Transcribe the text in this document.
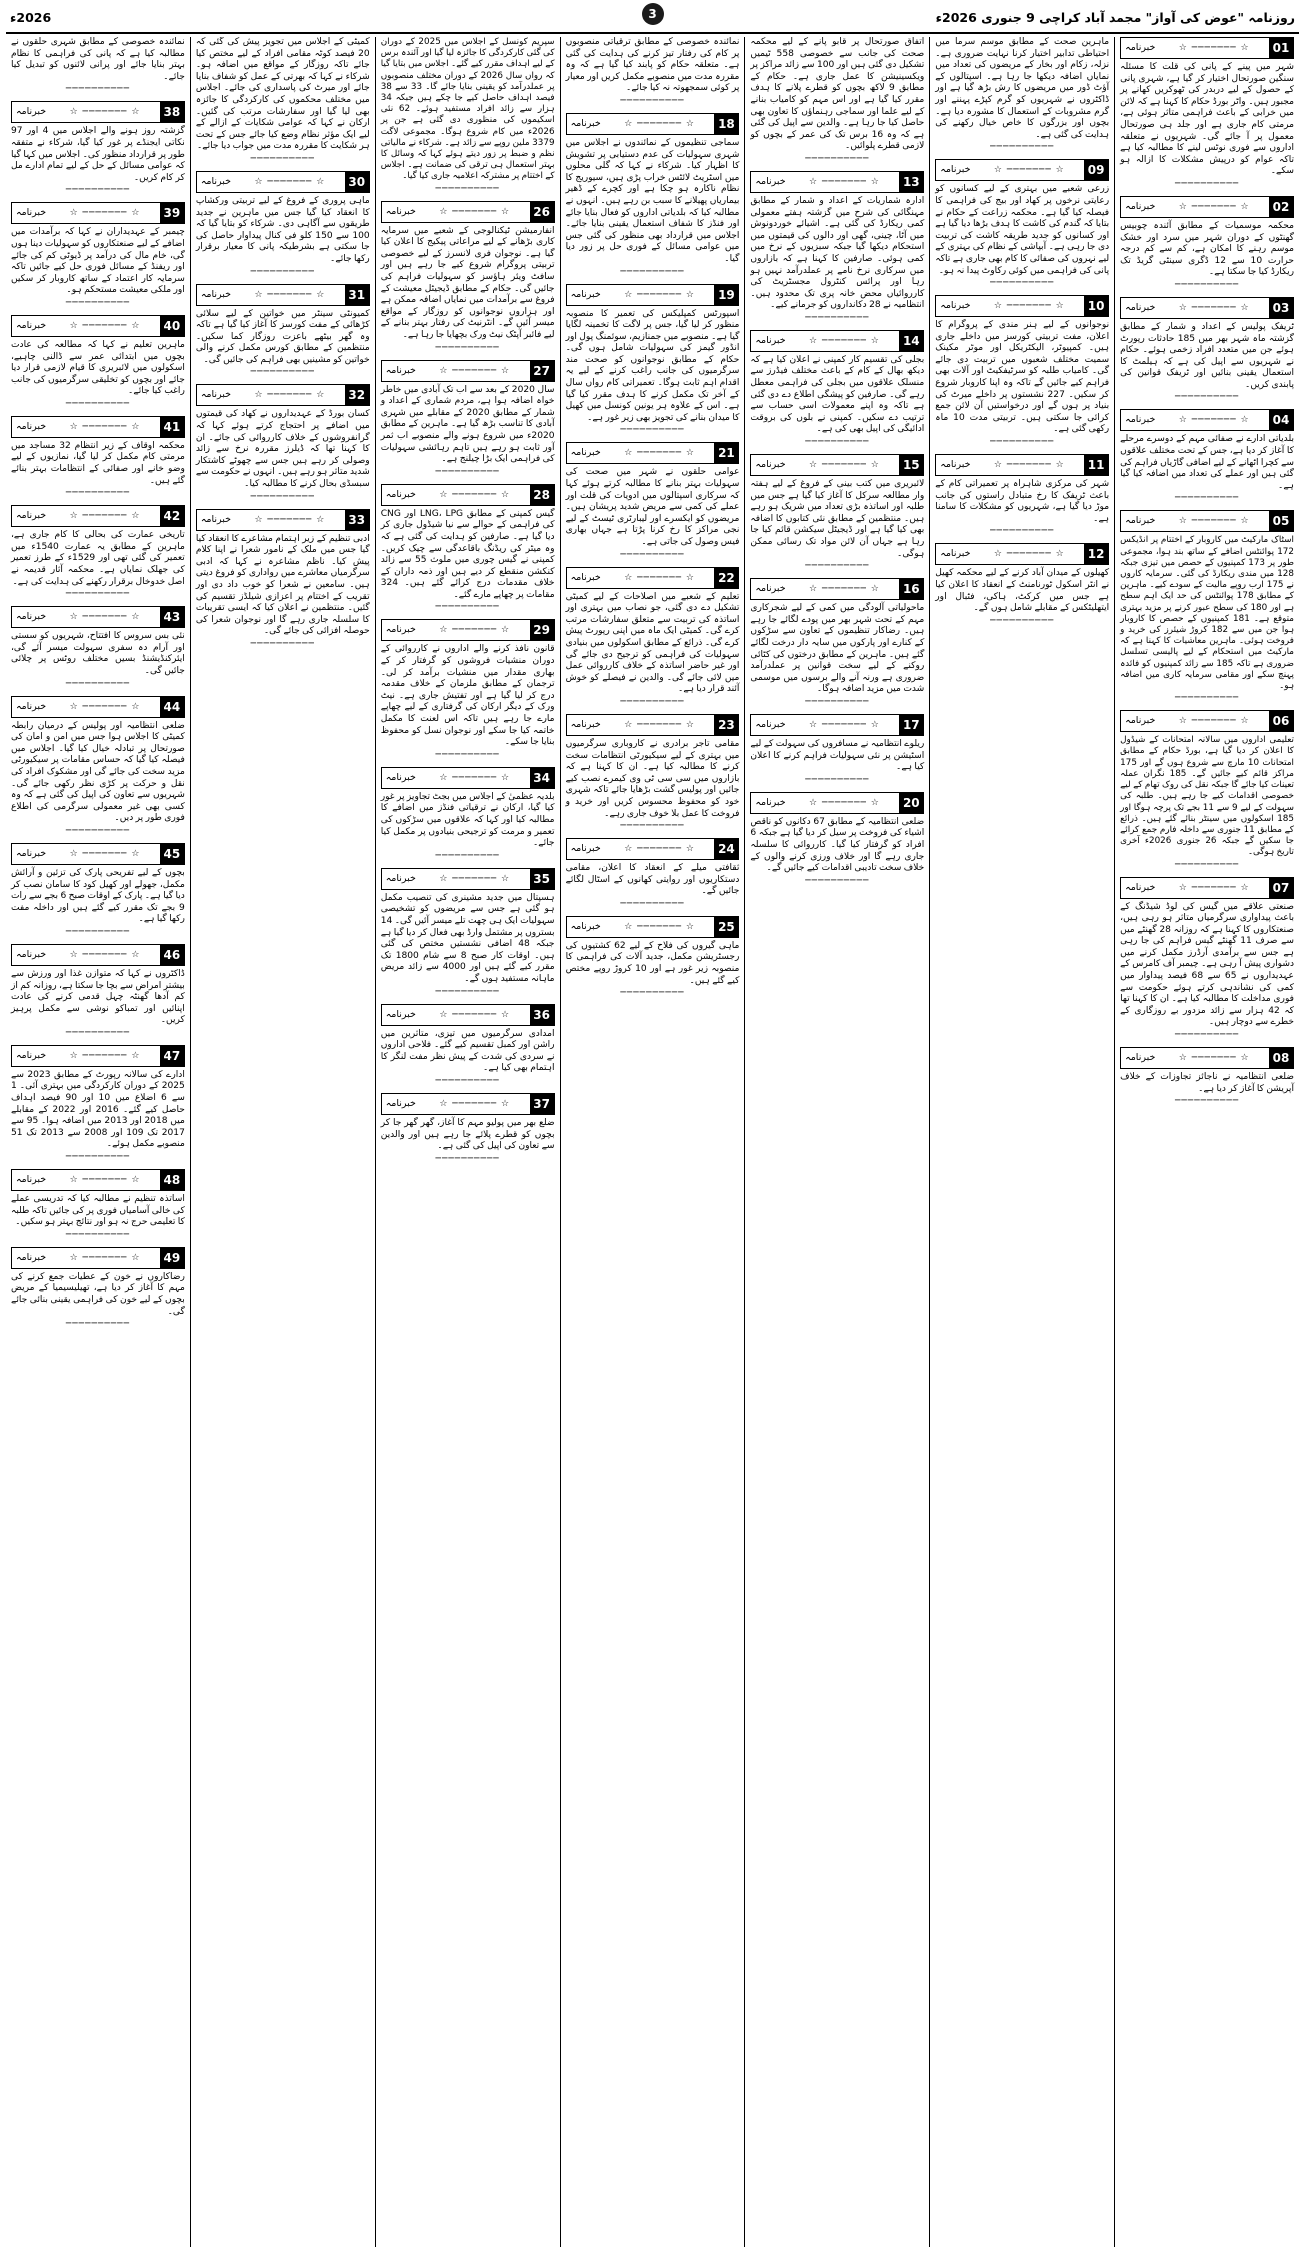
روزنامہ "عوض کی آواز" مجمد آباد کراچی 9 جنوری 2026ء
3
2026ء
01
☆ ─────── ☆
خبرنامہ
شہر میں پینے کے پانی کی قلت کا مسئلہ سنگین صورتحال اختیار کر گیا ہے، شہری پانی کے حصول کے لیے دربدر کی ٹھوکریں کھانے پر مجبور ہیں۔ واٹر بورڈ حکام کا کہنا ہے کہ لائن میں خرابی کے باعث فراہمی متاثر ہوئی ہے، مرمتی کام جاری ہے اور جلد ہی صورتحال معمول پر آ جائے گی۔ شہریوں نے متعلقہ اداروں سے فوری نوٹس لینے کا مطالبہ کیا ہے تاکہ عوام کو درپیش مشکلات کا ازالہ ہو سکے۔
──────────
02
☆ ─────── ☆
خبرنامہ
محکمہ موسمیات کے مطابق آئندہ چوبیس گھنٹوں کے دوران شہر میں سرد اور خشک موسم رہنے کا امکان ہے، کم سے کم درجہ حرارت 10 سے 12 ڈگری سینٹی گریڈ تک ریکارڈ کیا جا سکتا ہے۔
──────────
03
☆ ─────── ☆
خبرنامہ
ٹریفک پولیس کے اعداد و شمار کے مطابق گزشتہ ماہ شہر بھر میں 185 حادثات رپورٹ ہوئے جن میں متعدد افراد زخمی ہوئے۔ حکام نے شہریوں سے اپیل کی ہے کہ ہیلمٹ کا استعمال یقینی بنائیں اور ٹریفک قوانین کی پابندی کریں۔
──────────
04
☆ ─────── ☆
خبرنامہ
بلدیاتی ادارے نے صفائی مہم کے دوسرے مرحلے کا آغاز کر دیا ہے، جس کے تحت مختلف علاقوں سے کچرا اٹھانے کے لیے اضافی گاڑیاں فراہم کی گئی ہیں اور عملے کی تعداد میں اضافہ کیا گیا ہے۔
──────────
05
☆ ─────── ☆
خبرنامہ
اسٹاک مارکیٹ میں کاروبار کے اختتام پر انڈیکس 172 پوائنٹس اضافے کے ساتھ بند ہوا، مجموعی طور پر 173 کمپنیوں کے حصص میں تیزی جبکہ 128 میں مندی ریکارڈ کی گئی۔ سرمایہ کاروں نے 175 ارب روپے مالیت کے سودے کیے۔ ماہرین کے مطابق 178 پوائنٹس کی حد ایک اہم سطح ہے اور 180 کی سطح عبور کرنے پر مزید بہتری متوقع ہے۔ 181 کمپنیوں کے حصص کا کاروبار ہوا جن میں سے 182 کروڑ شیئرز کی خرید و فروخت ہوئی۔ ماہرین معاشیات کا کہنا ہے کہ مارکیٹ میں استحکام کے لیے پالیسی تسلسل ضروری ہے تاکہ 185 سے زائد کمپنیوں کو فائدہ پہنچ سکے اور مقامی سرمایہ کاری میں اضافہ ہو۔
──────────
06
☆ ─────── ☆
خبرنامہ
تعلیمی اداروں میں سالانہ امتحانات کے شیڈول کا اعلان کر دیا گیا ہے، بورڈ حکام کے مطابق امتحانات 10 مارچ سے شروع ہوں گے اور 175 مراکز قائم کیے جائیں گے۔ 185 نگران عملہ تعینات کیا جائے گا جبکہ نقل کی روک تھام کے لیے خصوصی اقدامات کیے جا رہے ہیں۔ طلبہ کی سہولت کے لیے 9 سے 11 بجے تک پرچہ ہوگا اور 185 اسکولوں میں سینٹر بنائے گئے ہیں۔ ذرائع کے مطابق 11 جنوری سے داخلہ فارم جمع کرائے جا سکیں گے جبکہ 26 جنوری 2026ء آخری تاریخ ہوگی۔
──────────
07
☆ ─────── ☆
خبرنامہ
صنعتی علاقے میں گیس کی لوڈ شیڈنگ کے باعث پیداواری سرگرمیاں متاثر ہو رہی ہیں، صنعتکاروں کا کہنا ہے کہ روزانہ 28 گھنٹے میں سے صرف 11 گھنٹے گیس فراہم کی جا رہی ہے جس سے برآمدی آرڈرز مکمل کرنے میں دشواری پیش آ رہی ہے۔ چیمبر آف کامرس کے عہدیداروں نے 65 سے 68 فیصد پیداوار میں کمی کی نشاندہی کرتے ہوئے حکومت سے فوری مداخلت کا مطالبہ کیا ہے۔ ان کا کہنا تھا کہ 42 ہزار سے زائد مزدور بے روزگاری کے خطرے سے دوچار ہیں۔
──────────
08
☆ ─────── ☆
خبرنامہ
ضلعی انتظامیہ نے ناجائز تجاوزات کے خلاف آپریشن کا آغاز کر دیا ہے۔
──────────
ماہرین صحت کے مطابق موسم سرما میں احتیاطی تدابیر اختیار کرنا نہایت ضروری ہے۔ نزلہ، زکام اور بخار کے مریضوں کی تعداد میں نمایاں اضافہ دیکھا جا رہا ہے۔ اسپتالوں کے آؤٹ ڈور میں مریضوں کا رش بڑھ گیا ہے اور ڈاکٹروں نے شہریوں کو گرم کپڑے پہننے اور گرم مشروبات کے استعمال کا مشورہ دیا ہے۔ بچوں اور بزرگوں کا خاص خیال رکھنے کی ہدایت کی گئی ہے۔
──────────
09
☆ ─────── ☆
خبرنامہ
زرعی شعبے میں بہتری کے لیے کسانوں کو رعایتی نرخوں پر کھاد اور بیج کی فراہمی کا فیصلہ کیا گیا ہے۔ محکمہ زراعت کے حکام نے بتایا کہ گندم کی کاشت کا ہدف بڑھا دیا گیا ہے اور کسانوں کو جدید طریقہ کاشت کی تربیت دی جا رہی ہے۔ آبپاشی کے نظام کی بہتری کے لیے نہروں کی صفائی کا کام بھی جاری ہے تاکہ پانی کی فراہمی میں کوئی رکاوٹ پیدا نہ ہو۔
──────────
10
☆ ─────── ☆
خبرنامہ
نوجوانوں کے لیے ہنر مندی کے پروگرام کا اعلان، مفت تربیتی کورسز میں داخلے جاری ہیں۔ کمپیوٹر، الیکٹریکل اور موٹر مکینک سمیت مختلف شعبوں میں تربیت دی جائے گی۔ کامیاب طلبہ کو سرٹیفکیٹ اور آلات بھی فراہم کیے جائیں گے تاکہ وہ اپنا کاروبار شروع کر سکیں۔ 227 نشستوں پر داخلے میرٹ کی بنیاد پر ہوں گے اور درخواستیں آن لائن جمع کرائی جا سکتی ہیں۔ تربیتی مدت 10 ماہ رکھی گئی ہے۔
──────────
11
☆ ─────── ☆
خبرنامہ
شہر کی مرکزی شاہراہ پر تعمیراتی کام کے باعث ٹریفک کا رخ متبادل راستوں کی جانب موڑ دیا گیا ہے، شہریوں کو مشکلات کا سامنا ہے۔
──────────
12
☆ ─────── ☆
خبرنامہ
کھیلوں کے میدان آباد کرنے کے لیے محکمہ کھیل نے انٹر اسکول ٹورنامنٹ کے انعقاد کا اعلان کیا ہے جس میں کرکٹ، ہاکی، فٹبال اور ایتھلیٹکس کے مقابلے شامل ہوں گے۔
──────────
اتفاق صورتحال پر قابو پانے کے لیے محکمہ صحت کی جانب سے خصوصی 558 ٹیمیں تشکیل دی گئی ہیں اور 100 سے زائد مراکز پر ویکسینیشن کا عمل جاری ہے۔ حکام کے مطابق 9 لاکھ بچوں کو قطرے پلانے کا ہدف مقرر کیا گیا ہے اور اس مہم کو کامیاب بنانے کے لیے علما اور سماجی رہنماؤں کا تعاون بھی حاصل کیا جا رہا ہے۔ والدین سے اپیل کی گئی ہے کہ وہ 16 برس تک کی عمر کے بچوں کو لازمی قطرے پلوائیں۔
──────────
13
☆ ─────── ☆
خبرنامہ
ادارہ شماریات کے اعداد و شمار کے مطابق مہنگائی کی شرح میں گزشتہ ہفتے معمولی کمی ریکارڈ کی گئی ہے۔ اشیائے خوردونوش میں آٹا، چینی، گھی اور دالوں کی قیمتوں میں استحکام دیکھا گیا جبکہ سبزیوں کے نرخ میں کمی ہوئی۔ صارفین کا کہنا ہے کہ بازاروں میں سرکاری نرخ نامے پر عملدرآمد نہیں ہو رہا اور پرائس کنٹرول مجسٹریٹ کی کارروائیاں محض خانہ پری تک محدود ہیں۔ انتظامیہ نے 28 دکانداروں کو جرمانے کیے۔
──────────
14
☆ ─────── ☆
خبرنامہ
بجلی کی تقسیم کار کمپنی نے اعلان کیا ہے کہ دیکھ بھال کے کام کے باعث مختلف فیڈرز سے منسلک علاقوں میں بجلی کی فراہمی معطل رہے گی۔ صارفین کو پیشگی اطلاع دے دی گئی ہے تاکہ وہ اپنے معمولات اسی حساب سے ترتیب دے سکیں۔ کمپنی نے بلوں کی بروقت ادائیگی کی اپیل بھی کی ہے۔
──────────
15
☆ ─────── ☆
خبرنامہ
لائبریری میں کتب بینی کے فروغ کے لیے ہفتہ وار مطالعہ سرکل کا آغاز کیا گیا ہے جس میں طلبہ اور اساتذہ بڑی تعداد میں شریک ہو رہے ہیں۔ منتظمین کے مطابق نئی کتابوں کا اضافہ بھی کیا گیا ہے اور ڈیجیٹل سیکشن قائم کیا جا رہا ہے جہاں آن لائن مواد تک رسائی ممکن ہوگی۔
──────────
16
☆ ─────── ☆
خبرنامہ
ماحولیاتی آلودگی میں کمی کے لیے شجرکاری مہم کے تحت شہر بھر میں پودے لگائے جا رہے ہیں۔ رضاکار تنظیموں کے تعاون سے سڑکوں کے کنارے اور پارکوں میں سایہ دار درخت لگائے گئے ہیں۔ ماہرین کے مطابق درختوں کی کٹائی روکنے کے لیے سخت قوانین پر عملدرآمد ضروری ہے ورنہ آنے والے برسوں میں موسمی شدت میں مزید اضافہ ہوگا۔
──────────
17
☆ ─────── ☆
خبرنامہ
ریلوے انتظامیہ نے مسافروں کی سہولت کے لیے اسٹیشن پر نئی سہولیات فراہم کرنے کا اعلان کیا ہے۔
──────────
20
☆ ─────── ☆
خبرنامہ
ضلعی انتظامیہ کے مطابق 67 دکانوں کو ناقص اشیاء کی فروخت پر سیل کر دیا گیا ہے جبکہ 6 افراد کو گرفتار کیا گیا۔ کارروائی کا سلسلہ جاری رہے گا اور خلاف ورزی کرنے والوں کے خلاف سخت تادیبی اقدامات کیے جائیں گے۔
──────────
نمائندہ خصوصی کے مطابق ترقیاتی منصوبوں پر کام کی رفتار تیز کرنے کی ہدایت کی گئی ہے۔ متعلقہ حکام کو پابند کیا گیا ہے کہ وہ مقررہ مدت میں منصوبے مکمل کریں اور معیار پر کوئی سمجھوتہ نہ کیا جائے۔
──────────
18
☆ ─────── ☆
خبرنامہ
سماجی تنظیموں کے نمائندوں نے اجلاس میں شہری سہولیات کی عدم دستیابی پر تشویش کا اظہار کیا۔ شرکاء نے کہا کہ گلی محلوں میں اسٹریٹ لائٹس خراب پڑی ہیں، سیوریج کا نظام ناکارہ ہو چکا ہے اور کچرے کے ڈھیر بیماریاں پھیلانے کا سبب بن رہے ہیں۔ انہوں نے مطالبہ کیا کہ بلدیاتی اداروں کو فعال بنایا جائے اور فنڈز کا شفاف استعمال یقینی بنایا جائے۔ اجلاس میں قرارداد بھی منظور کی گئی جس میں عوامی مسائل کے فوری حل پر زور دیا گیا۔
──────────
19
☆ ─────── ☆
خبرنامہ
اسپورٹس کمپلیکس کی تعمیر کا منصوبہ منظور کر لیا گیا، جس پر لاگت کا تخمینہ لگایا گیا ہے۔ منصوبے میں جمنازیم، سوئمنگ پول اور انڈور گیمز کی سہولیات شامل ہوں گی۔ حکام کے مطابق نوجوانوں کو صحت مند سرگرمیوں کی جانب راغب کرنے کے لیے یہ اقدام اہم ثابت ہوگا۔ تعمیراتی کام رواں سال کے آخر تک مکمل کرنے کا ہدف مقرر کیا گیا ہے۔ اس کے علاوہ ہر یونین کونسل میں کھیل کا میدان بنانے کی تجویز بھی زیر غور ہے۔
──────────
21
☆ ─────── ☆
خبرنامہ
عوامی حلقوں نے شہر میں صحت کی سہولیات بہتر بنانے کا مطالبہ کرتے ہوئے کہا کہ سرکاری اسپتالوں میں ادویات کی قلت اور عملے کی کمی سے مریض شدید پریشان ہیں۔ مریضوں کو ایکسرے اور لیبارٹری ٹیسٹ کے لیے نجی مراکز کا رخ کرنا پڑتا ہے جہاں بھاری فیس وصول کی جاتی ہے۔
──────────
22
☆ ─────── ☆
خبرنامہ
تعلیم کے شعبے میں اصلاحات کے لیے کمیٹی تشکیل دے دی گئی، جو نصاب میں بہتری اور اساتذہ کی تربیت سے متعلق سفارشات مرتب کرے گی۔ کمیٹی ایک ماہ میں اپنی رپورٹ پیش کرے گی۔ ذرائع کے مطابق اسکولوں میں بنیادی سہولیات کی فراہمی کو ترجیح دی جائے گی اور غیر حاضر اساتذہ کے خلاف کارروائی عمل میں لائی جائے گی۔ والدین نے فیصلے کو خوش آئند قرار دیا ہے۔
──────────
23
☆ ─────── ☆
خبرنامہ
مقامی تاجر برادری نے کاروباری سرگرمیوں میں بہتری کے لیے سیکیورٹی انتظامات سخت کرنے کا مطالبہ کیا ہے۔ ان کا کہنا ہے کہ بازاروں میں سی سی ٹی وی کیمرے نصب کیے جائیں اور پولیس گشت بڑھایا جائے تاکہ شہری خود کو محفوظ محسوس کریں اور خرید و فروخت کا عمل بلا خوف جاری رہے۔
──────────
24
☆ ─────── ☆
خبرنامہ
ثقافتی میلے کے انعقاد کا اعلان، مقامی دستکاریوں اور روایتی کھانوں کے اسٹال لگائے جائیں گے۔
──────────
25
☆ ─────── ☆
خبرنامہ
ماہی گیروں کی فلاح کے لیے 62 کشتیوں کی رجسٹریشن مکمل، جدید آلات کی فراہمی کا منصوبہ زیر غور ہے اور 10 کروڑ روپے مختص کیے گئے ہیں۔
──────────
سپریم کونسل کے اجلاس میں 2025 کے دوران کی گئی کارکردگی کا جائزہ لیا گیا اور آئندہ برس کے لیے اہداف مقرر کیے گئے۔ اجلاس میں بتایا گیا کہ رواں سال 2026 کے دوران مختلف منصوبوں پر عملدرآمد کو یقینی بنایا جائے گا۔ 33 سے 38 فیصد اہداف حاصل کیے جا چکے ہیں جبکہ 34 ہزار سے زائد افراد مستفید ہوئے۔ 62 نئی اسکیموں کی منظوری دی گئی ہے جن پر 2026ء میں کام شروع ہوگا۔ مجموعی لاگت 3379 ملین روپے سے زائد ہے۔ شرکاء نے مالیاتی نظم و ضبط پر زور دیتے ہوئے کہا کہ وسائل کا بہتر استعمال ہی ترقی کی ضمانت ہے۔ اجلاس کے اختتام پر مشترکہ اعلامیہ جاری کیا گیا۔
──────────
26
☆ ─────── ☆
خبرنامہ
انفارمیشن ٹیکنالوجی کے شعبے میں سرمایہ کاری بڑھانے کے لیے مراعاتی پیکیج کا اعلان کیا گیا ہے۔ نوجوان فری لانسرز کے لیے خصوصی تربیتی پروگرام شروع کیے جا رہے ہیں اور سافٹ ویئر ہاؤسز کو سہولیات فراہم کی جائیں گی۔ حکام کے مطابق ڈیجیٹل معیشت کے فروغ سے برآمدات میں نمایاں اضافہ ممکن ہے اور ہزاروں نوجوانوں کو روزگار کے مواقع میسر آئیں گے۔ انٹرنیٹ کی رفتار بہتر بنانے کے لیے فائبر آپٹک نیٹ ورک بچھایا جا رہا ہے۔
──────────
27
☆ ─────── ☆
خبرنامہ
سال 2020 کے بعد سے اب تک آبادی میں خاطر خواہ اضافہ ہوا ہے، مردم شماری کے اعداد و شمار کے مطابق 2020 کے مقابلے میں شہری آبادی کا تناسب بڑھ گیا ہے۔ ماہرین کے مطابق 2020ء میں شروع ہونے والے منصوبے اب ثمر آور ثابت ہو رہے ہیں تاہم رہائشی سہولیات کی فراہمی ایک بڑا چیلنج ہے۔
──────────
28
☆ ─────── ☆
خبرنامہ
گیس کمپنی کے مطابق LNG، LPG اور CNG کی فراہمی کے حوالے سے نیا شیڈول جاری کر دیا گیا ہے۔ صارفین کو ہدایت کی گئی ہے کہ وہ میٹر کی ریڈنگ باقاعدگی سے چیک کریں۔ کمپنی نے گیس چوری میں ملوث 55 سے زائد کنکشن منقطع کر دیے ہیں اور ذمہ داران کے خلاف مقدمات درج کرائے گئے ہیں۔ 324 مقامات پر چھاپے مارے گئے۔
──────────
29
☆ ─────── ☆
خبرنامہ
قانون نافذ کرنے والے اداروں نے کارروائی کے دوران منشیات فروشوں کو گرفتار کر کے بھاری مقدار میں منشیات برآمد کر لی۔ ترجمان کے مطابق ملزمان کے خلاف مقدمہ درج کر لیا گیا ہے اور تفتیش جاری ہے۔ نیٹ ورک کے دیگر ارکان کی گرفتاری کے لیے چھاپے مارے جا رہے ہیں تاکہ اس لعنت کا مکمل خاتمہ کیا جا سکے اور نوجوان نسل کو محفوظ بنایا جا سکے۔
──────────
34
☆ ─────── ☆
خبرنامہ
بلدیہ عظمیٰ کے اجلاس میں بجٹ تجاویز پر غور کیا گیا، ارکان نے ترقیاتی فنڈز میں اضافے کا مطالبہ کیا اور کہا کہ علاقوں میں سڑکوں کی تعمیر و مرمت کو ترجیحی بنیادوں پر مکمل کیا جائے۔
──────────
35
☆ ─────── ☆
خبرنامہ
ہسپتال میں جدید مشینری کی تنصیب مکمل ہو گئی ہے جس سے مریضوں کو تشخیصی سہولیات ایک ہی چھت تلے میسر آئیں گی۔ 14 بستروں پر مشتمل وارڈ بھی فعال کر دیا گیا ہے جبکہ 48 اضافی نشستیں مختص کی گئی ہیں۔ اوقات کار صبح 8 سے شام 1800 تک مقرر کیے گئے ہیں اور 4000 سے زائد مریض ماہانہ مستفید ہوں گے۔
──────────
36
☆ ─────── ☆
خبرنامہ
امدادی سرگرمیوں میں تیزی، متاثرین میں راشن اور کمبل تقسیم کیے گئے۔ فلاحی اداروں نے سردی کی شدت کے پیش نظر مفت لنگر کا اہتمام بھی کیا ہے۔
──────────
37
☆ ─────── ☆
خبرنامہ
ضلع بھر میں پولیو مہم کا آغاز، گھر گھر جا کر بچوں کو قطرے پلائے جا رہے ہیں اور والدین سے تعاون کی اپیل کی گئی ہے۔
──────────
کمیٹی کے اجلاس میں تجویز پیش کی گئی کہ 20 فیصد کوٹہ مقامی افراد کے لیے مختص کیا جائے تاکہ روزگار کے مواقع میں اضافہ ہو۔ شرکاء نے کہا کہ بھرتی کے عمل کو شفاف بنایا جائے اور میرٹ کی پاسداری کی جائے۔ اجلاس میں مختلف محکموں کی کارکردگی کا جائزہ بھی لیا گیا اور سفارشات مرتب کی گئیں۔ ارکان نے کہا کہ عوامی شکایات کے ازالے کے لیے ایک مؤثر نظام وضع کیا جائے جس کے تحت ہر شکایت کا مقررہ مدت میں جواب دیا جائے۔
──────────
30
☆ ─────── ☆
خبرنامہ
ماہی پروری کے فروغ کے لیے تربیتی ورکشاپ کا انعقاد کیا گیا جس میں ماہرین نے جدید طریقوں سے آگاہی دی۔ شرکاء کو بتایا گیا کہ 100 سے 150 کلو فی کنال پیداوار حاصل کی جا سکتی ہے بشرطیکہ پانی کا معیار برقرار رکھا جائے۔
──────────
31
☆ ─────── ☆
خبرنامہ
کمیونٹی سینٹر میں خواتین کے لیے سلائی کڑھائی کے مفت کورسز کا آغاز کیا گیا ہے تاکہ وہ گھر بیٹھے باعزت روزگار کما سکیں۔ منتظمین کے مطابق کورس مکمل کرنے والی خواتین کو مشینیں بھی فراہم کی جائیں گی۔
──────────
32
☆ ─────── ☆
خبرنامہ
کسان بورڈ کے عہدیداروں نے کھاد کی قیمتوں میں اضافے پر احتجاج کرتے ہوئے کہا کہ گرانفروشوں کے خلاف کارروائی کی جائے۔ ان کا کہنا تھا کہ ڈیلرز مقررہ نرخ سے زائد وصولی کر رہے ہیں جس سے چھوٹے کاشتکار شدید متاثر ہو رہے ہیں۔ انہوں نے حکومت سے سبسڈی بحال کرنے کا مطالبہ کیا۔
──────────
33
☆ ─────── ☆
خبرنامہ
ادبی تنظیم کے زیر اہتمام مشاعرے کا انعقاد کیا گیا جس میں ملک کے نامور شعرا نے اپنا کلام پیش کیا۔ ناظم مشاعرہ نے کہا کہ ادبی سرگرمیاں معاشرے میں رواداری کو فروغ دیتی ہیں۔ سامعین نے شعرا کو خوب داد دی اور تقریب کے اختتام پر اعزازی شیلڈز تقسیم کی گئیں۔ منتظمین نے اعلان کیا کہ ایسی تقریبات کا سلسلہ جاری رہے گا اور نوجوان شعرا کی حوصلہ افزائی کی جائے گی۔
──────────
نمائندہ خصوصی کے مطابق شہری حلقوں نے مطالبہ کیا ہے کہ پانی کی فراہمی کا نظام بہتر بنایا جائے اور پرانی لائنوں کو تبدیل کیا جائے۔
──────────
38
☆ ─────── ☆
خبرنامہ
گزشتہ روز ہونے والے اجلاس میں 4 اور 97 نکاتی ایجنڈے پر غور کیا گیا، شرکاء نے متفقہ طور پر قرارداد منظور کی۔ اجلاس میں کہا گیا کہ عوامی مسائل کے حل کے لیے تمام ادارے مل کر کام کریں۔
──────────
39
☆ ─────── ☆
خبرنامہ
چیمبر کے عہدیداران نے کہا کہ برآمدات میں اضافے کے لیے صنعتکاروں کو سہولیات دینا ہوں گی، خام مال کی درآمد پر ڈیوٹی کم کی جائے اور ریفنڈ کے مسائل فوری حل کیے جائیں تاکہ سرمایہ کار اعتماد کے ساتھ کاروبار کر سکیں اور ملکی معیشت مستحکم ہو۔
──────────
40
☆ ─────── ☆
خبرنامہ
ماہرین تعلیم نے کہا کہ مطالعہ کی عادت بچوں میں ابتدائی عمر سے ڈالنی چاہیے، اسکولوں میں لائبریری کا قیام لازمی قرار دیا جائے اور بچوں کو تخلیقی سرگرمیوں کی جانب راغب کیا جائے۔
──────────
41
☆ ─────── ☆
خبرنامہ
محکمہ اوقاف کے زیر انتظام 32 مساجد میں مرمتی کام مکمل کر لیا گیا، نمازیوں کے لیے وضو خانے اور صفائی کے انتظامات بہتر بنائے گئے ہیں۔
──────────
42
☆ ─────── ☆
خبرنامہ
تاریخی عمارت کی بحالی کا کام جاری ہے، ماہرین کے مطابق یہ عمارت 1540ء میں تعمیر کی گئی تھی اور 1529ء کے طرز تعمیر کی جھلک نمایاں ہے۔ محکمہ آثار قدیمہ نے اصل خدوخال برقرار رکھنے کی ہدایت کی ہے۔
──────────
43
☆ ─────── ☆
خبرنامہ
نئی بس سروس کا افتتاح، شہریوں کو سستی اور آرام دہ سفری سہولت میسر آئے گی، ایئرکنڈیشنڈ بسیں مختلف روٹس پر چلائی جائیں گی۔
──────────
44
☆ ─────── ☆
خبرنامہ
ضلعی انتظامیہ اور پولیس کے درمیان رابطہ کمیٹی کا اجلاس ہوا جس میں امن و امان کی صورتحال پر تبادلہ خیال کیا گیا۔ اجلاس میں فیصلہ کیا گیا کہ حساس مقامات پر سیکیورٹی مزید سخت کی جائے گی اور مشکوک افراد کی نقل و حرکت پر کڑی نظر رکھی جائے گی۔ شہریوں سے تعاون کی اپیل کی گئی ہے کہ وہ کسی بھی غیر معمولی سرگرمی کی اطلاع فوری طور پر دیں۔
──────────
45
☆ ─────── ☆
خبرنامہ
بچوں کے لیے تفریحی پارک کی تزئین و آرائش مکمل، جھولے اور کھیل کود کا سامان نصب کر دیا گیا ہے۔ پارک کے اوقات صبح 6 بجے سے رات 9 بجے تک مقرر کیے گئے ہیں اور داخلہ مفت رکھا گیا ہے۔
──────────
46
☆ ─────── ☆
خبرنامہ
ڈاکٹروں نے کہا کہ متوازن غذا اور ورزش سے بیشتر امراض سے بچا جا سکتا ہے، روزانہ کم از کم آدھا گھنٹہ چہل قدمی کرنے کی عادت اپنائیں اور تمباکو نوشی سے مکمل پرہیز کریں۔
──────────
47
☆ ─────── ☆
خبرنامہ
ادارے کی سالانہ رپورٹ کے مطابق 2023 سے 2025 کے دوران کارکردگی میں بہتری آئی۔ 1 سے 6 اضلاع میں 10 اور 90 فیصد اہداف حاصل کیے گئے۔ 2016 اور 2022 کے مقابلے میں 2018 اور 2013 میں اضافہ ہوا۔ 95 سے 2017 تک 109 اور 2008 سے 2013 تک 51 منصوبے مکمل ہوئے۔
──────────
48
☆ ─────── ☆
خبرنامہ
اساتذہ تنظیم نے مطالبہ کیا کہ تدریسی عملے کی خالی آسامیاں فوری پر کی جائیں تاکہ طلبہ کا تعلیمی حرج نہ ہو اور نتائج بہتر ہو سکیں۔
──────────
49
☆ ─────── ☆
خبرنامہ
رضاکاروں نے خون کے عطیات جمع کرنے کی مہم کا آغاز کر دیا ہے، تھیلیسیمیا کے مریض بچوں کے لیے خون کی فراہمی یقینی بنائی جائے گی۔
──────────
